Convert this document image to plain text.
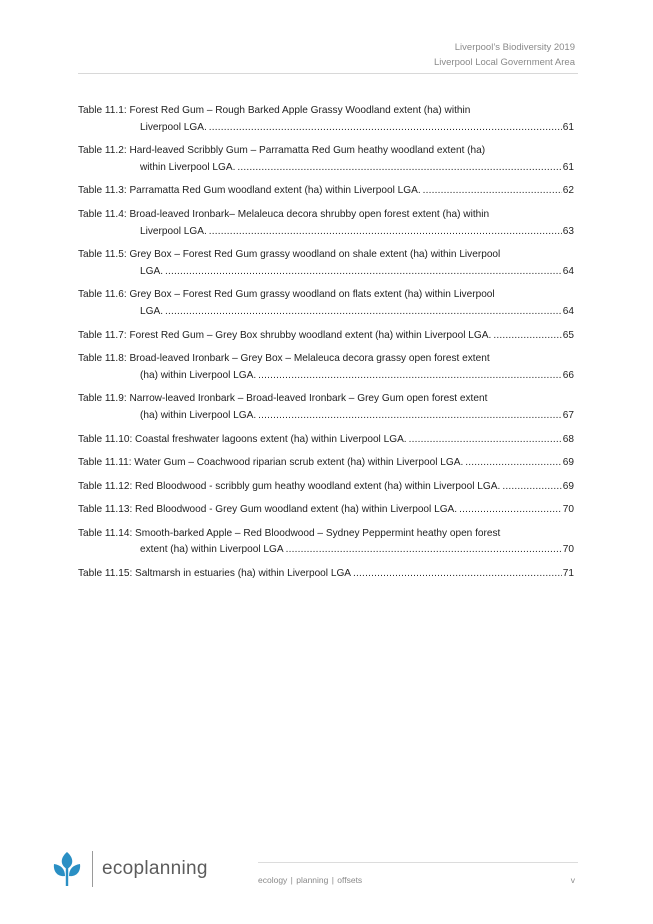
Liverpool’s Biodiversity 2019
Liverpool Local Government Area
Table 11.1: Forest Red Gum – Rough Barked Apple Grassy Woodland extent (ha) within
Liverpool LGA. .....	61
Table 11.2: Hard-leaved Scribbly Gum – Parramatta Red Gum heathy woodland extent (ha)
within Liverpool LGA. .....	61
Table 11.3: Parramatta Red Gum woodland extent (ha) within Liverpool LGA. .....	62
Table 11.4: Broad-leaved Ironbark– Melaleuca decora shrubby open forest extent (ha) within
Liverpool LGA. .....	63
Table 11.5: Grey Box – Forest Red Gum grassy woodland on shale extent (ha) within Liverpool
LGA. .....	64
Table 11.6: Grey Box – Forest Red Gum grassy woodland on flats extent (ha) within Liverpool
LGA. .....	64
Table 11.7: Forest Red Gum – Grey Box shrubby woodland extent (ha) within Liverpool LGA. .....	65
Table 11.8: Broad-leaved Ironbark – Grey Box – Melaleuca decora grassy open forest extent
(ha) within Liverpool LGA. .....	66
Table 11.9: Narrow-leaved Ironbark – Broad-leaved Ironbark – Grey Gum open forest extent
(ha) within Liverpool LGA. .....	67
Table 11.10: Coastal freshwater lagoons extent (ha) within Liverpool LGA. .....	68
Table 11.11: Water Gum – Coachwood riparian scrub extent (ha) within Liverpool LGA. .....	69
Table 11.12: Red Bloodwood - scribbly gum heathy woodland extent (ha) within Liverpool LGA. .....	69
Table 11.13: Red Bloodwood - Grey Gum woodland extent (ha) within Liverpool LGA. .....	70
Table 11.14: Smooth-barked Apple – Red Bloodwood – Sydney Peppermint heathy open forest
extent (ha) within Liverpool LGA .....	70
Table 11.15: Saltmarsh in estuaries (ha) within Liverpool LGA .....	71
ecoplanning
ecology | planning | offsets	v
